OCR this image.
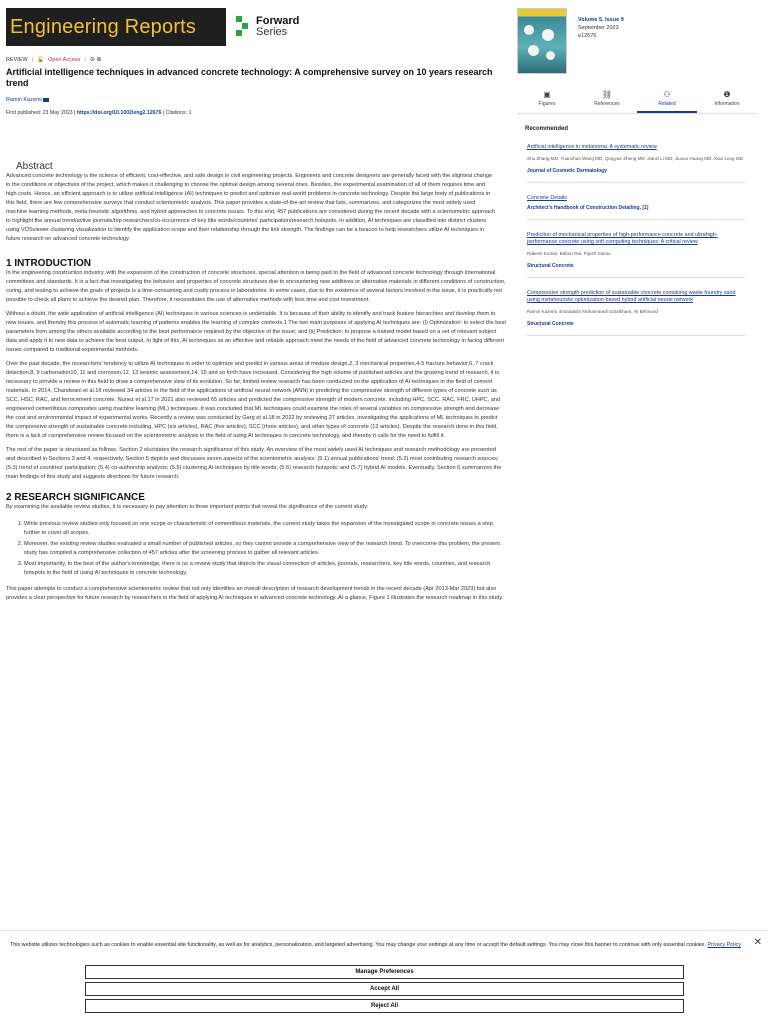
Engineering Reports	Forward
Series
REVIEW | 🔓 Open Access | ⊖ ⊕
Artificial intelligence techniques in advanced concrete technology: A comprehensive survey on 10 years research trend
Ramin Kazemi
First published: 23 May 2023 | https://doi.org/10.1002/eng2.12676 | Citations: 1
Abstract

Advanced concrete technology is the science of efficient, cost-effective, and safe design in civil engineering projects. Engineers and concrete designers are generally faced with the slightest change in the conditions or objectives of the project, which makes it challenging to choose the optimal design among several ones. Besides, the experimental examination of all of them requires time and high costs. Hence, an efficient approach is to utilize artificial intelligence (AI) techniques to predict and optimize real-world problems in concrete technology. Despite the large body of publications in this field, there are few comprehensive surveys that conduct scientometric analysis. This paper provides a state-of-the-art review that lists, summarizes, and categorizes the most widely used machine learning methods, meta-heuristic algorithms, and hybrid approaches to concrete issues. To this end, 457 publications are considered during the recent decade with a scientometric approach to highlight the annual trend/active journals/top researchers/co-occurrence of key title words/countries' participation/research hotspots. In addition, AI techniques are classified into distinct clusters using VOSviewer clustering visualization to identify the application scope and their relationship through the link strength. The findings can be a beacon to help researchers utilize AI techniques in future research on advanced concrete technology.

1 INTRODUCTION

In the engineering construction industry, with the expansion of the construction of concrete structures, special attention is being paid to the field of advanced concrete technology through international committees and standards. It is a fact that investigating the behavior and properties of concrete structures due to encountering new additives or alternative materials in different conditions of construction, curing, and testing to achieve the goals of projects is a time-consuming and costly process in laboratories. In some cases, due to the existence of several factors involved in the issue, it is practically not possible to check all plans to achieve the desired plan. Therefore, it necessitates the use of alternative methods with less time and cost investment.

Without a doubt, the wide application of artificial intelligence (AI) techniques in various sciences is undeniable. It is because of their ability to identify and track feature hierarchies and develop them to new issues, and thereby this process of automatic learning of patterns enables the learning of complex contexts.1 The two main purposes of applying AI techniques are: (i) Optimization: to select the best parameters from among the others available according to the best performance required by the objective of the issue; and (ii) Prediction: to propose a trained model based on a set of relevant subject data and apply it to new data to achieve the best output. In light of this, AI techniques as an effective and reliable approach meet the needs of the field of advanced concrete technology in facing different issues compared to traditional experimental methods.

Over the past decade, the researchers' tendency to utilize AI techniques in order to optimize and predict in various areas of mixture design,2, 3 mechanical properties,4-5 fracture behavior,6, 7 crack detection,8, 9 carbonation10, 11 and corrosion,12, 13 seismic assessment,14, 15 and so forth have increased. Considering the high volume of published articles and the growing trend of research, it is necessary to provide a review in this field to draw a comprehensive view of its evolution. So far, limited review research has been conducted on the application of AI techniques in the field of cement materials. In 2014, Chandwani et al.16 reviewed 34 articles in the field of the applications of artificial neural network (ANN) in predicting the compressive strength of different types of concrete such as SCC, HSC, RAC, and ferrocement concrete. Nunez et al.17 in 2021 also reviewed 65 articles and predicted the compressive strength of modern concrete, including HPC, SCC, RAC, FRC, UHPC, and engineered cementitious composites using machine learning (ML) techniques. It was concluded that ML techniques could examine the roles of several variables on compressive strength and decrease the cost and environmental impact of experimental works. Recently a review was conducted by Garg et al.18 in 2022 by reviewing 27 articles, investigating the applications of ML techniques to predict the compressive strength of sustainable concrete including, HPC (six articles), RAC (five articles), SCC (three articles), and other types of concrete (13 articles). Despite the research done in this field, there is a lack of comprehensive review focused on the scientometric analysis in the field of using AI techniques in concrete technology, and thereby it calls for the need to fulfill it.

The rest of the paper is structured as follows. Section 2 elucidates the research significance of this study. An overview of the most widely used AI techniques and research methodology are presented and described in Sections 3 and 4, respectively. Section 5 depicts and discusses seven aspects of the scientometric analysis: (5.1) annual publications' trend; (5.2) most contributing research sources; (5.3) trend of countries' participation; (5.4) co-authorship analysis; (5.5) clustering AI techniques by title words; (5.6) research hotspots; and (5.7) hybrid AI models. Eventually, Section 6 summarizes the main findings of this study and suggests directions for future research.

2 RESEARCH SIGNIFICANCE

By examining the available review studies, it is necessary to pay attention to three important points that reveal the significance of the current study:

1. While previous review studies only focused on one scope or characteristic of cementitious materials, the current study takes the expansion of the investigated scope in concrete issues a step further to cover all scopes.
2. Moreover, the existing review studies evaluated a small number of published articles, so they cannot provide a comprehensive view of the research trend. To overcome this problem, the present study has compiled a comprehensive collection of 457 articles after the screening process to gather all relevant articles.
3. Most importantly, to the best of the author's knowledge, there is no a review study that depicts the visual connection of articles, journals, researchers, key title words, countries, and research hotspots in the field of using AI techniques in concrete technology.

This paper attempts to conduct a comprehensive scientometric review that not only identifies an overall description of research development trends in the recent decade (Apr 2013-Mar 2023) but also provides a clear perspective for future research by researchers in the field of applying AI techniques in advanced concrete technology. At a glance, Figure 1 illustrates the research roadmap in this study.

Volume 5, Issue 9
September 2023
e12676
▣
Figures
⛓
References
⚇
Related
❶
Information
Recommended
Artificial intelligence in melanoma: A systematic review
Shu Zhang MD, Yuanzhuo Wang MD, Qingyue Zheng MD, Jianzi Li MD, Jiuxuo Huang MD, Xiao Long MD
Journal of Cosmetic Dermatology
Concrete Details
Architect's Handbook of Construction Detailing, [1]
Prediction of mechanical properties of high-performance concrete and ultrahigh-performance concrete using soft computing techniques: A critical review
Rakesh Kumar, Baboo Rai, Pijush Samui
Structural Concrete
Compressive strength prediction of sustainable concrete containing waste foundry sand using metaheuristic optimization-based hybrid artificial neural network
Ramin Kazemi, Emadaldin Mohammadi Golafshani, Ali Behnood
Structural Concrete
This website utilizes technologies such as cookies to enable essential site functionality, as well as for analytics, personalization, and targeted advertising. You may change your settings at any time or accept the default settings. You may close this banner to continue with only essential cookies. Privacy Policy	✕
Manage Preferences
Accept All
Reject All
